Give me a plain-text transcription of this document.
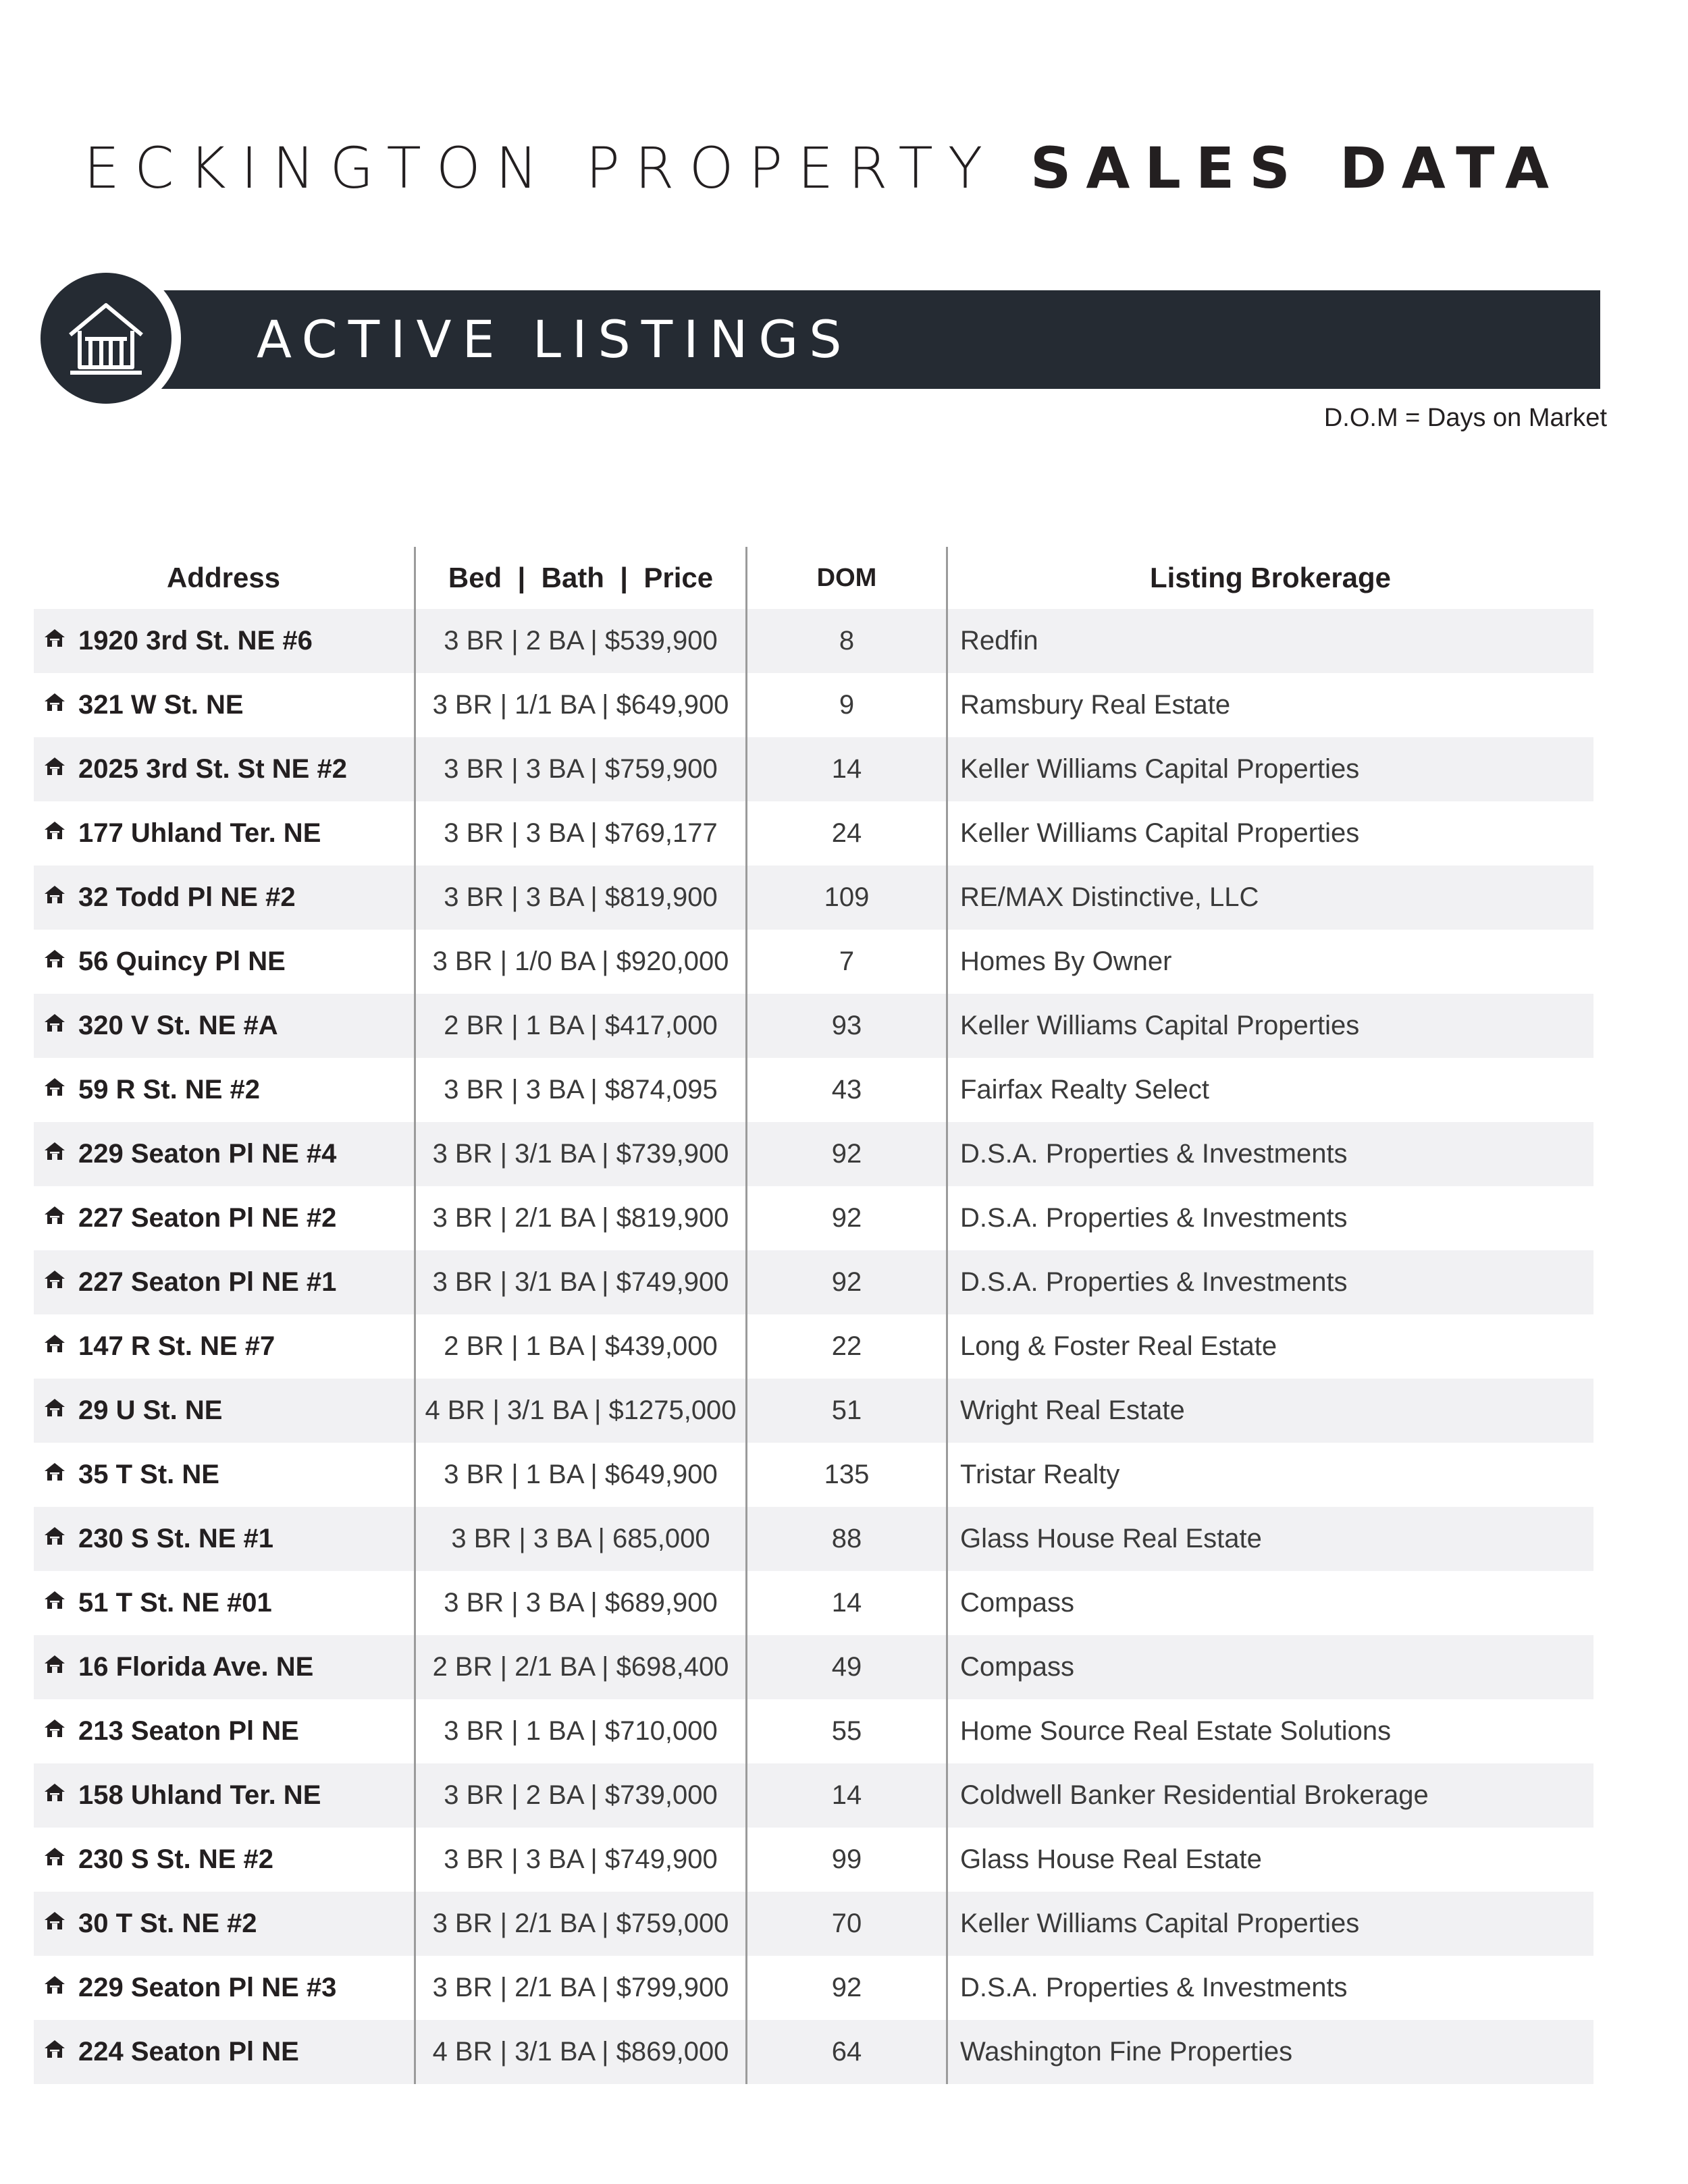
ECKINGTON PROPERTY SALES DATA
ACTIVE LISTINGS
D.O.M = Days on Market
Address	Bed  |  Bath  |  Price	DOM	Listing Brokerage
1920 3rd St. NE #6	3 BR | 2 BA | $539,900	8	Redfin
321 W St. NE	3 BR | 1/1 BA | $649,900	9	Ramsbury Real Estate
2025 3rd St. St NE #2	3 BR | 3 BA | $759,900	14	Keller Williams Capital Properties
177 Uhland Ter. NE	3 BR | 3 BA | $769,177	24	Keller Williams Capital Properties
32 Todd Pl NE #2	3 BR | 3 BA | $819,900	109	RE/MAX Distinctive, LLC
56 Quincy Pl NE	3 BR | 1/0 BA | $920,000	7	Homes By Owner
320 V St. NE #A	2 BR | 1 BA | $417,000	93	Keller Williams Capital Properties
59 R St. NE #2	3 BR | 3 BA | $874,095	43	Fairfax Realty Select
229 Seaton Pl NE #4	3 BR | 3/1 BA | $739,900	92	D.S.A. Properties & Investments
227 Seaton Pl NE #2	3 BR | 2/1 BA | $819,900	92	D.S.A. Properties & Investments
227 Seaton Pl NE #1	3 BR | 3/1 BA | $749,900	92	D.S.A. Properties & Investments
147 R St. NE #7	2 BR | 1 BA | $439,000	22	Long & Foster Real Estate
29 U St. NE	4 BR | 3/1 BA | $1275,000	51	Wright Real Estate
35 T St. NE	3 BR | 1 BA | $649,900	135	Tristar Realty
230 S St. NE #1	3 BR | 3 BA | 685,000	88	Glass House Real Estate
51 T St. NE #01	3 BR | 3 BA | $689,900	14	Compass
16 Florida Ave. NE	2 BR | 2/1 BA | $698,400	49	Compass
213 Seaton Pl NE	3 BR | 1 BA | $710,000	55	Home Source Real Estate Solutions
158 Uhland Ter. NE	3 BR | 2 BA | $739,000	14	Coldwell Banker Residential Brokerage
230 S St. NE #2	3 BR | 3 BA | $749,900	99	Glass House Real Estate
30 T St. NE #2	3 BR | 2/1 BA | $759,000	70	Keller Williams Capital Properties
229 Seaton Pl NE #3	3 BR | 2/1 BA | $799,900	92	D.S.A. Properties & Investments
224 Seaton Pl NE	4 BR | 3/1 BA | $869,000	64	Washington Fine Properties
